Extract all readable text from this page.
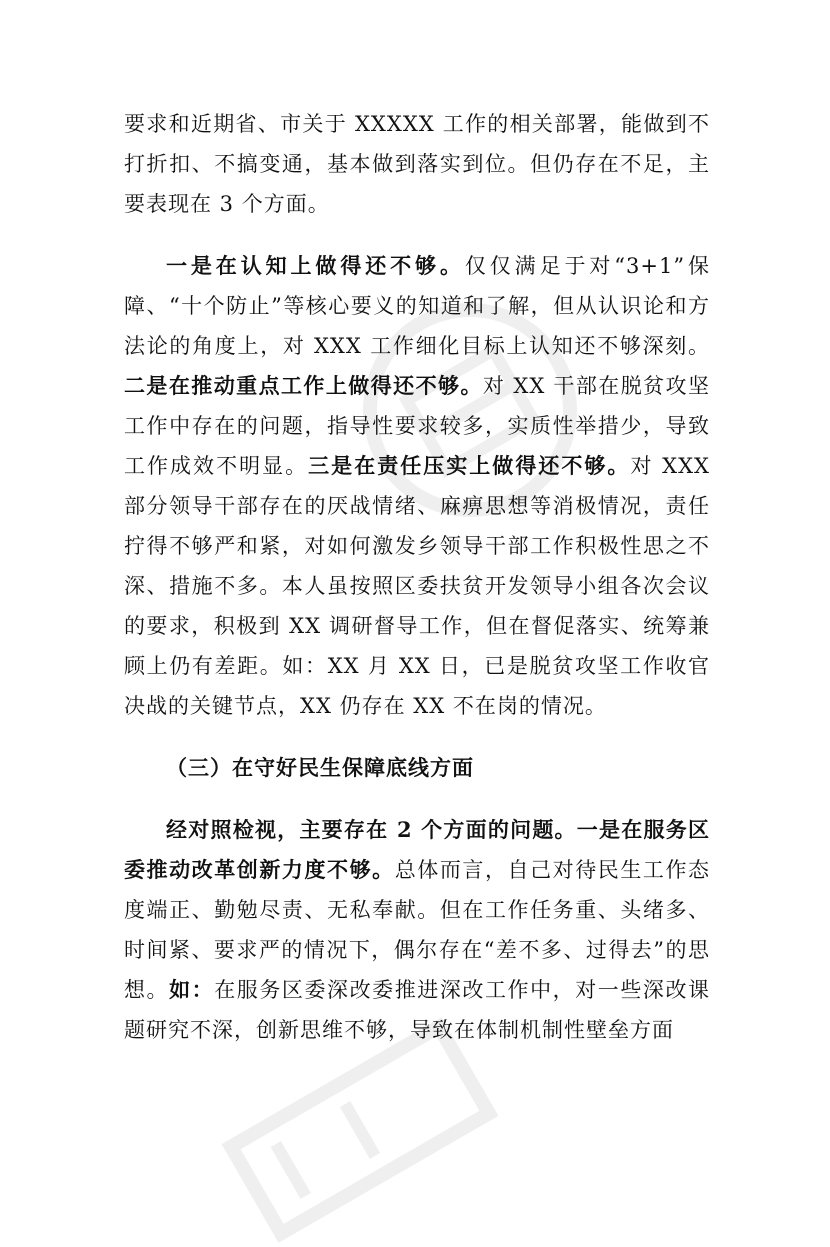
要求和近期省、市关于 XXXXX 工作的相关部署，能做到不打折扣、不搞变通，基本做到落实到位。但仍存在不足，主要表现在 3 个方面。

一是在认知上做得还不够。仅仅满足于对“3+1”保障、“十个防止”等核心要义的知道和了解，但从认识论和方法论的角度上，对 XXX 工作细化目标上认知还不够深刻。二是在推动重点工作上做得还不够。对 XX 干部在脱贫攻坚工作中存在的问题，指导性要求较多，实质性举措少，导致工作成效不明显。三是在责任压实上做得还不够。对 XXX 部分领导干部存在的厌战情绪、麻痹思想等消极情况，责任拧得不够严和紧，对如何激发乡领导干部工作积极性思之不深、措施不多。本人虽按照区委扶贫开发领导小组各次会议的要求，积极到 XX 调研督导工作，但在督促落实、统筹兼顾上仍有差距。如：XX 月 XX 日，已是脱贫攻坚工作收官决战的关键节点，XX 仍存在 XX 不在岗的情况。

（三）在守好民生保障底线方面

经对照检视，主要存在 2 个方面的问题。一是在服务区委推动改革创新力度不够。总体而言，自己对待民生工作态度端正、勤勉尽责、无私奉献。但在工作任务重、头绪多、时间紧、要求严的情况下，偶尔存在“差不多、过得去”的思想。如：在服务区委深改委推进深改工作中，对一些深改课题研究不深，创新思维不够，导致在体制机制性壁垒方面
